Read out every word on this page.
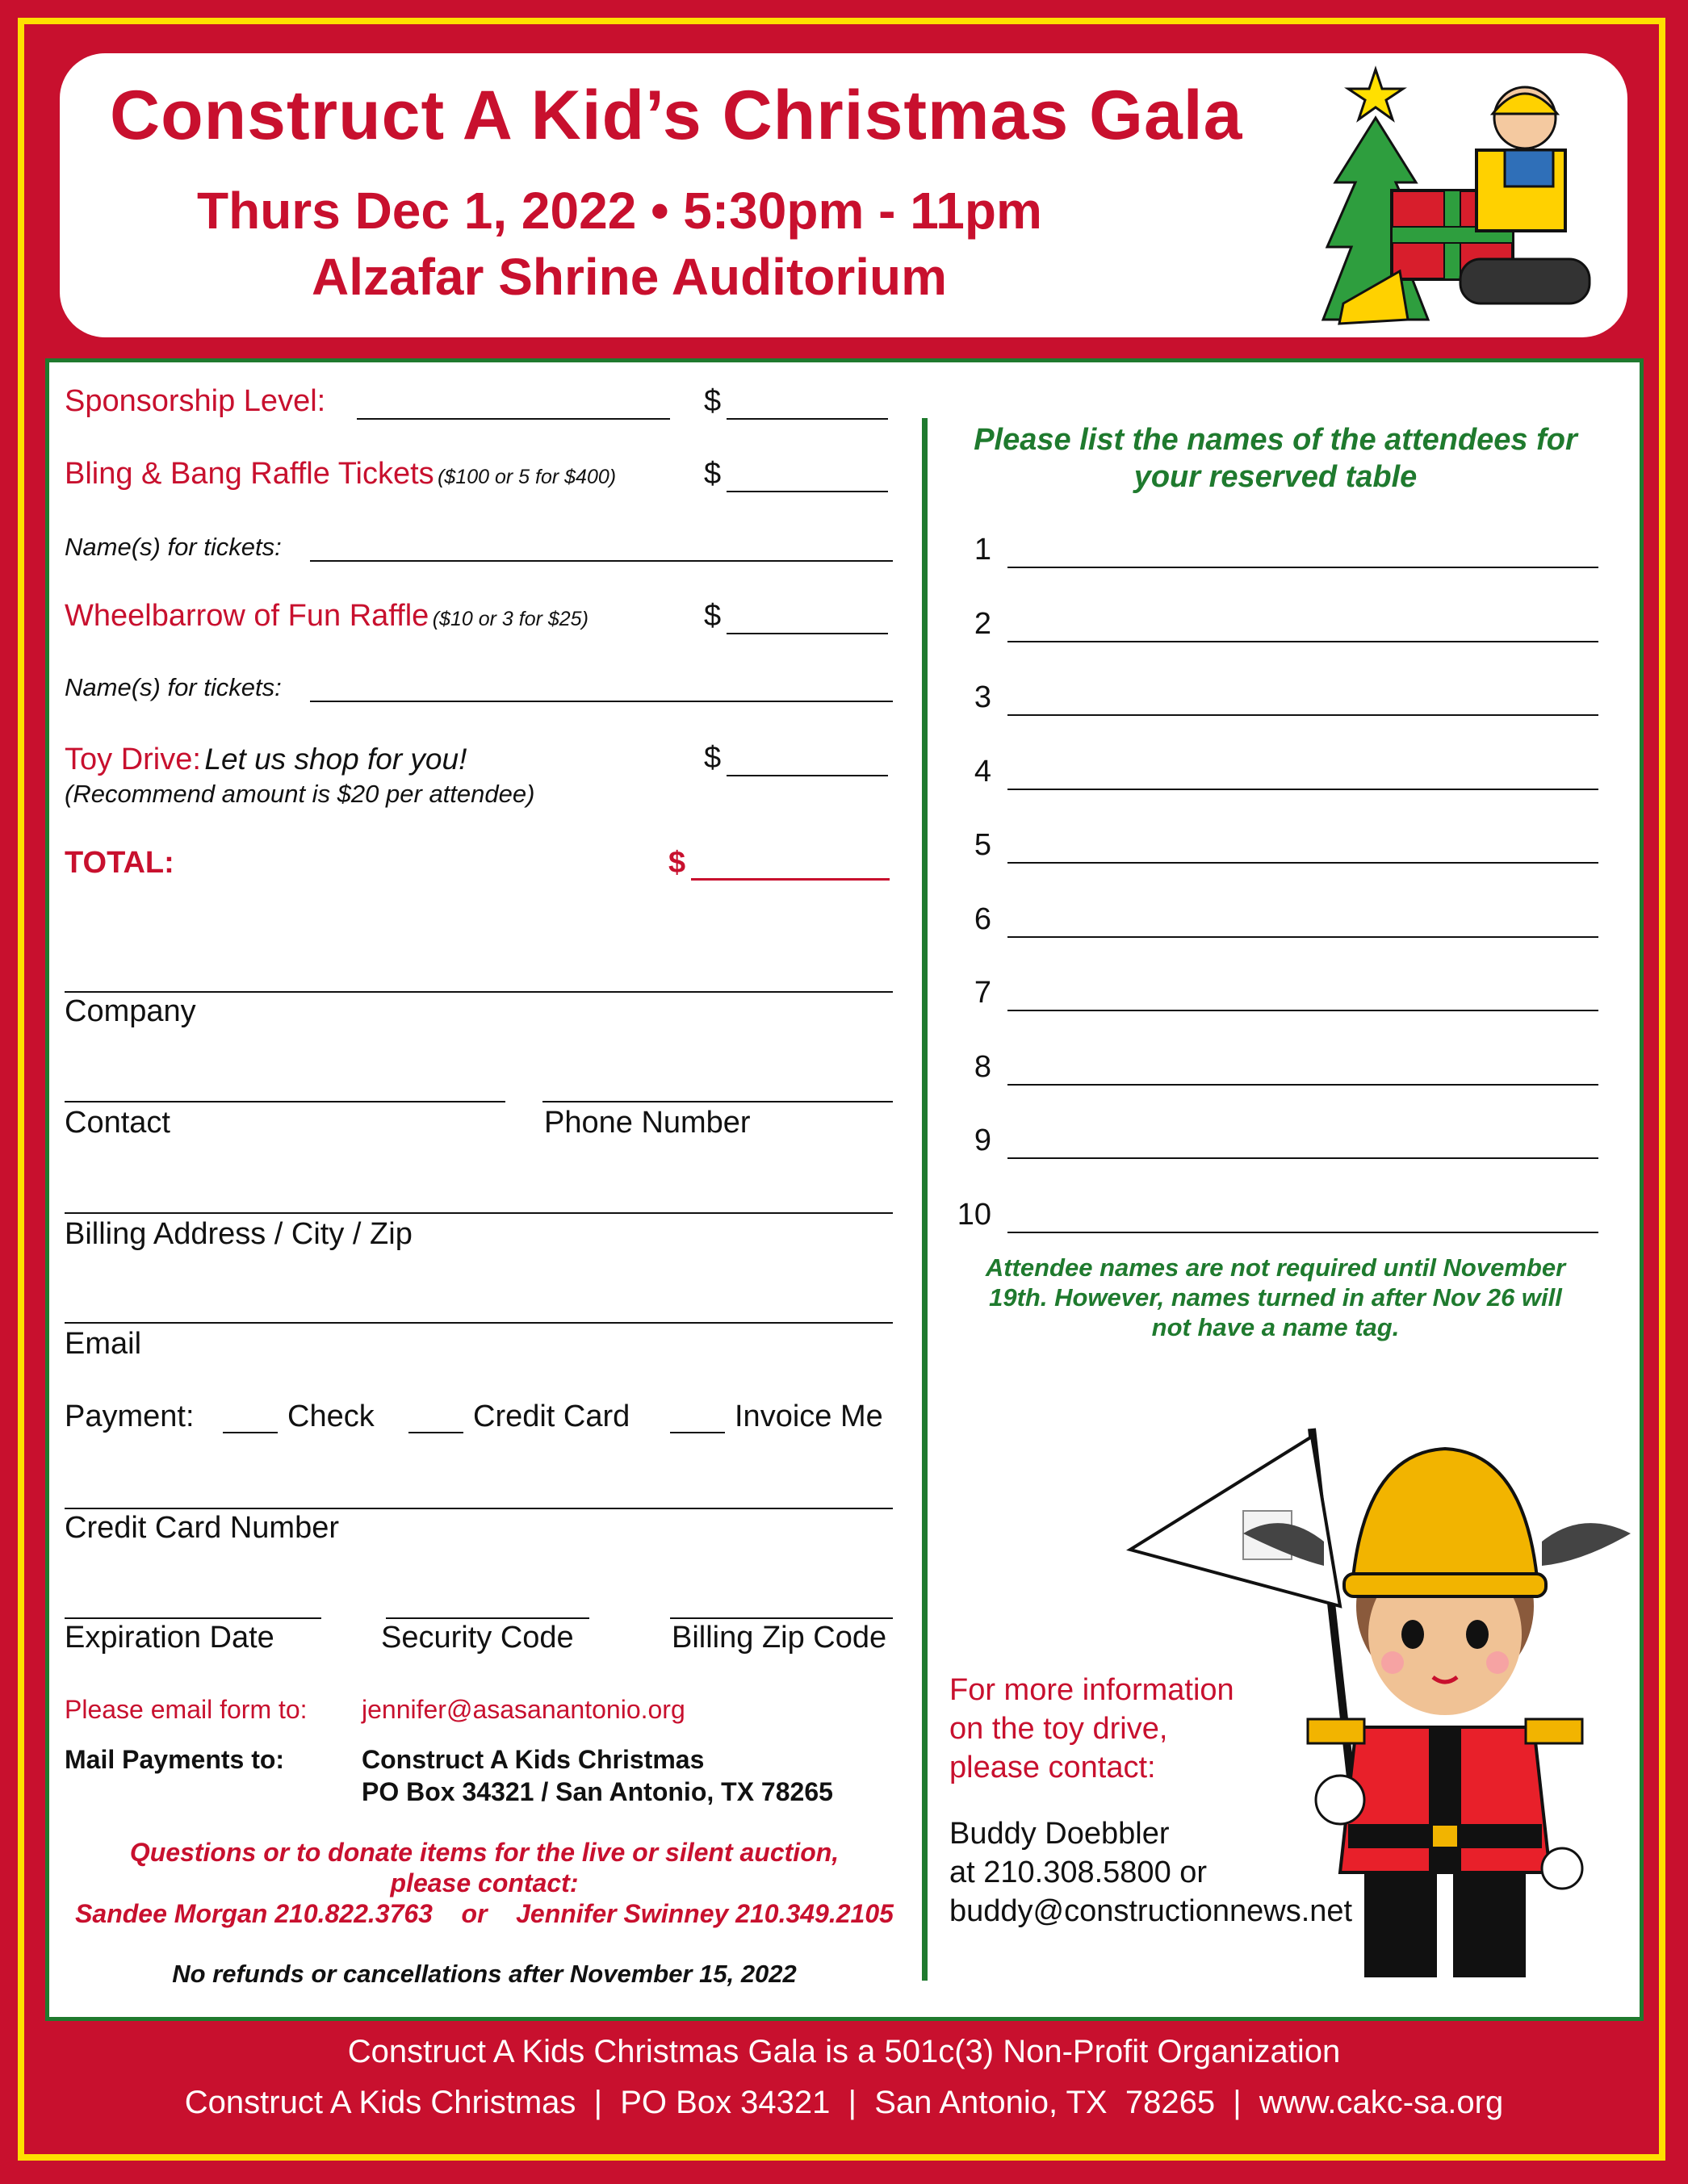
Construct A Kid’s Christmas Gala
Thurs Dec 1, 2022 • 5:30pm - 11pm
Alzafar Shrine Auditorium
Sponsorship Level:	$
Bling & Bang Raffle Tickets ($100 or 5 for $400)	$
Name(s) for tickets:
Wheelbarrow of Fun Raffle ($10 or 3 for $25)	$
Name(s) for tickets:
Toy Drive: Let us shop for you!
(Recommend amount is $20 per attendee)
$
TOTAL:	$
Company
Contact	Phone Number
Billing Address / City / Zip
Email
Payment:	Check	Credit Card	Invoice Me
Credit Card Number
Expiration Date	Security Code	Billing Zip Code
Please email form to: jennifer@asasanantonio.org
Mail Payments to:	Construct A Kids Christmas
PO Box 34321 / San Antonio, TX 78265
Questions or to donate items for the live or silent auction,
please contact:
Sandee Morgan 210.822.3763    or    Jennifer Swinney 210.349.2105
No refunds or cancellations after November 15, 2022
Please list the names of the attendees for
your reserved table
1
2
3
4
5
6
7
8
9
10
Attendee names are not required until November
19th. However, names turned in after Nov 26 will
not have a name tag.
For more information
on the toy drive,
please contact:
Buddy Doebbler
at 210.308.5800 or
buddy@constructionnews.net
Construct A Kids Christmas Gala is a 501c(3) Non-Profit Organization
Construct A Kids Christmas  |  PO Box 34321  |  San Antonio, TX  78265  |  www.cakc-sa.org
